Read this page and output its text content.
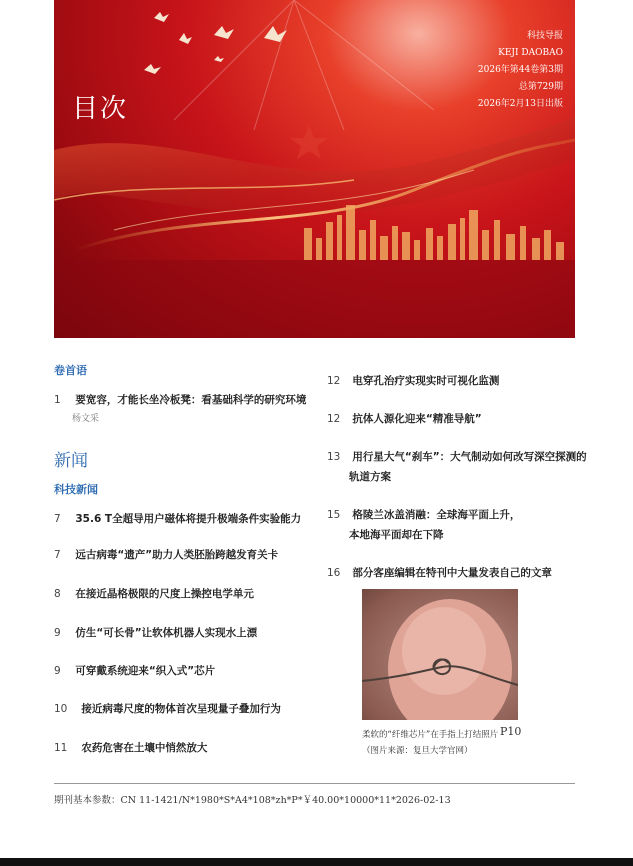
目次
科技导报
KEJI DAOBAO
2026年第44卷第3期
总第729期
2026年2月13日出版
卷首语
1 要宽容，才能长坐冷板凳：看基础科学的研究环境
杨文采
新闻
科技新闻
7 35.6 T全超导用户磁体将提升极端条件实验能力
7 远古病毒“遗产”助力人类胚胎跨越发育关卡
8 在接近晶格极限的尺度上操控电学单元
9 仿生“可长骨”让软体机器人实现水上漂
9 可穿戴系统迎来“织入式”芯片
10 接近病毒尺度的物体首次呈现量子叠加行为
11 农药危害在土壤中悄然放大
12 电穿孔治疗实现实时可视化监测
12 抗体人源化迎来“精准导航”
13 用行星大气“刹车”：大气制动如何改写深空探测的
轨道方案
15 格陵兰冰盖消融：全球海平面上升，
本地海平面却在下降
16 部分客座编辑在特刊中大量发表自己的文章
柔软的“纤维芯片”在手指上打结照片 P10
（图片来源：复旦大学官网）
期刊基本参数：CN 11-1421/N*1980*S*A4*108*zh*P*￥40.00*10000*11*2026-02-13
